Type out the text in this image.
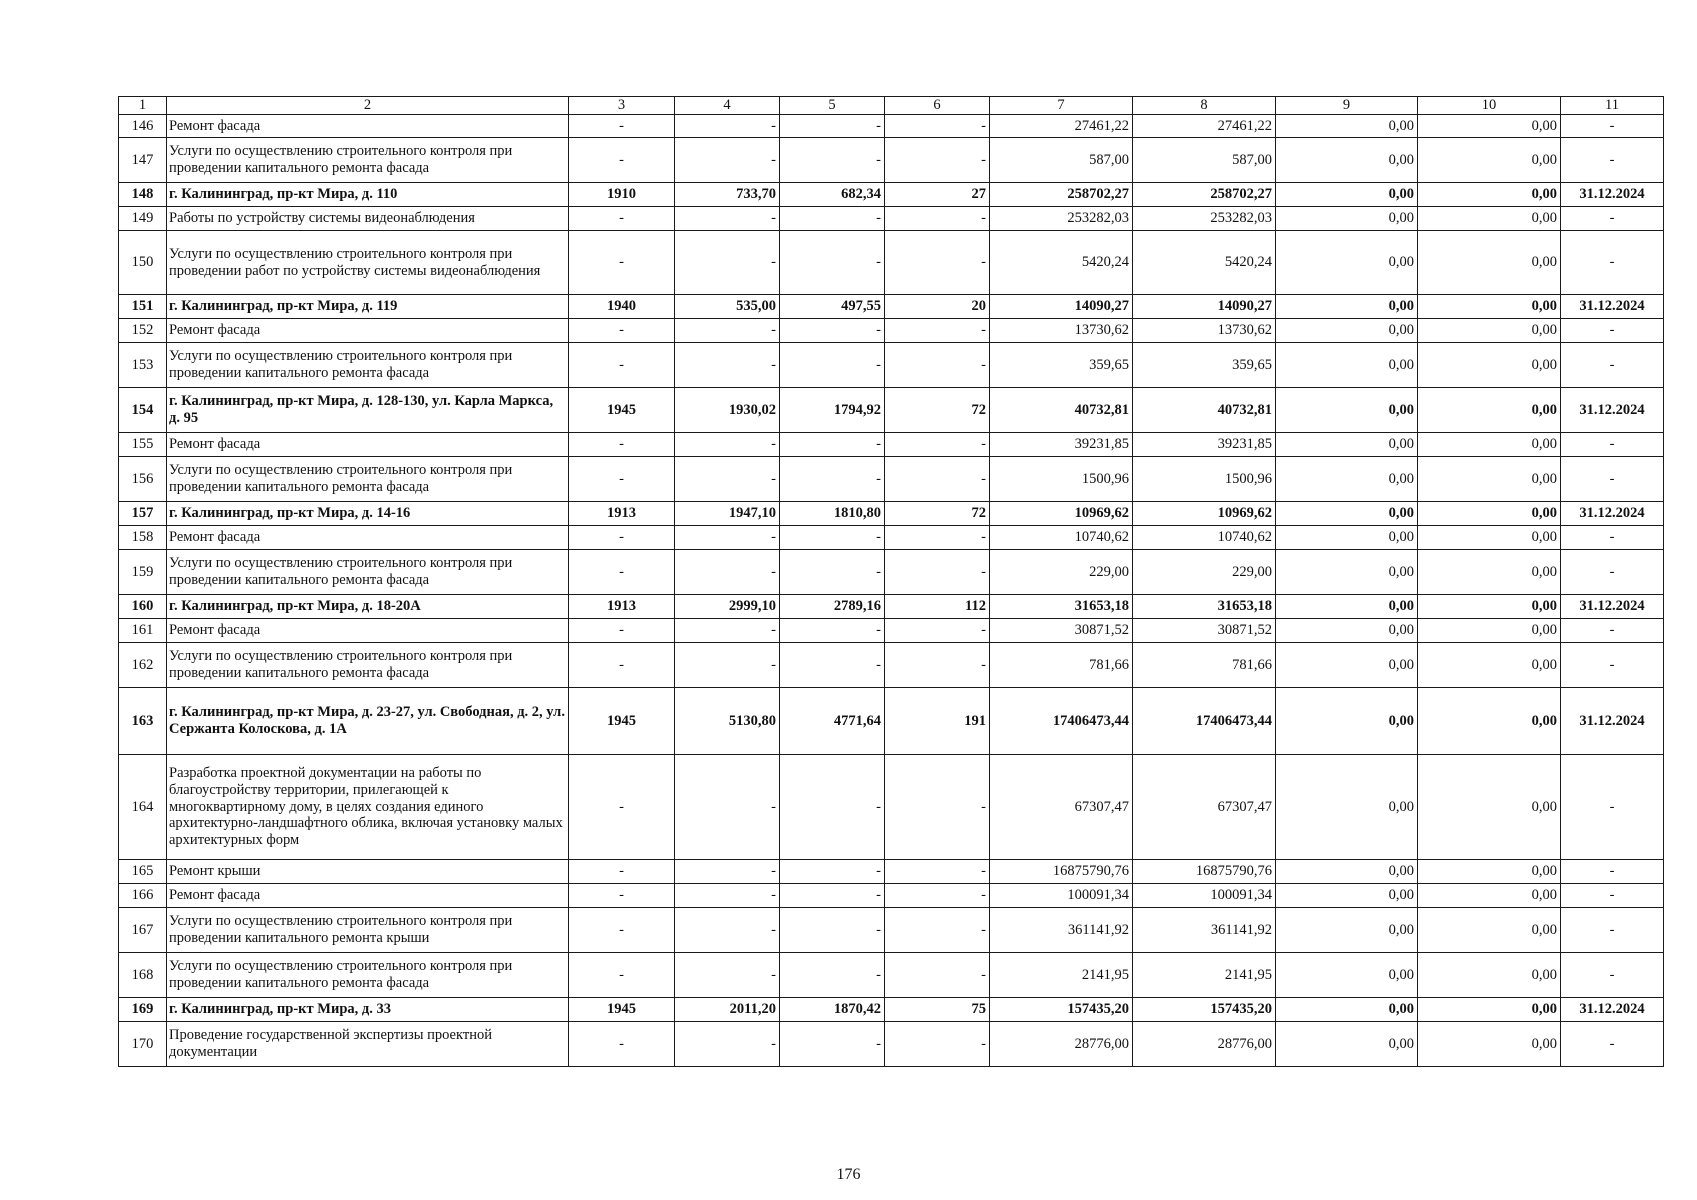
1	2	3	4	5	6	7	8	9	10	11
146	Ремонт фасада	-	-	-	-	27461,22	27461,22	0,00	0,00	-
147	Услуги по осуществлению строительного контроля при проведении капитального ремонта фасада	-	-	-	-	587,00	587,00	0,00	0,00	-
148	г. Калининград, пр-кт Мира, д. 110	1910	733,70	682,34	27	258702,27	258702,27	0,00	0,00	31.12.2024
149	Работы по устройству системы видеонаблюдения	-	-	-	-	253282,03	253282,03	0,00	0,00	-
150	Услуги по осуществлению строительного контроля при проведении работ по устройству системы видеонаблюдения	-	-	-	-	5420,24	5420,24	0,00	0,00	-
151	г. Калининград, пр-кт Мира, д. 119	1940	535,00	497,55	20	14090,27	14090,27	0,00	0,00	31.12.2024
152	Ремонт фасада	-	-	-	-	13730,62	13730,62	0,00	0,00	-
153	Услуги по осуществлению строительного контроля при проведении капитального ремонта фасада	-	-	-	-	359,65	359,65	0,00	0,00	-
154	г. Калининград, пр-кт Мира, д. 128-130, ул. Карла Маркса, д. 95	1945	1930,02	1794,92	72	40732,81	40732,81	0,00	0,00	31.12.2024
155	Ремонт фасада	-	-	-	-	39231,85	39231,85	0,00	0,00	-
156	Услуги по осуществлению строительного контроля при проведении капитального ремонта фасада	-	-	-	-	1500,96	1500,96	0,00	0,00	-
157	г. Калининград, пр-кт Мира, д. 14-16	1913	1947,10	1810,80	72	10969,62	10969,62	0,00	0,00	31.12.2024
158	Ремонт фасада	-	-	-	-	10740,62	10740,62	0,00	0,00	-
159	Услуги по осуществлению строительного контроля при проведении капитального ремонта фасада	-	-	-	-	229,00	229,00	0,00	0,00	-
160	г. Калининград, пр-кт Мира, д. 18-20А	1913	2999,10	2789,16	112	31653,18	31653,18	0,00	0,00	31.12.2024
161	Ремонт фасада	-	-	-	-	30871,52	30871,52	0,00	0,00	-
162	Услуги по осуществлению строительного контроля при проведении капитального ремонта фасада	-	-	-	-	781,66	781,66	0,00	0,00	-
163	г. Калининград, пр-кт Мира, д. 23-27, ул. Свободная, д. 2, ул. Сержанта Колоскова, д. 1А	1945	5130,80	4771,64	191	17406473,44	17406473,44	0,00	0,00	31.12.2024
164	Разработка проектной документации на работы по благоустройству территории, прилегающей к многоквартирному дому, в целях создания единого архитектурно-ландшафтного облика, включая установку малых архитектурных форм	-	-	-	-	67307,47	67307,47	0,00	0,00	-
165	Ремонт крыши	-	-	-	-	16875790,76	16875790,76	0,00	0,00	-
166	Ремонт фасада	-	-	-	-	100091,34	100091,34	0,00	0,00	-
167	Услуги по осуществлению строительного контроля при проведении капитального ремонта крыши	-	-	-	-	361141,92	361141,92	0,00	0,00	-
168	Услуги по осуществлению строительного контроля при проведении капитального ремонта фасада	-	-	-	-	2141,95	2141,95	0,00	0,00	-
169	г. Калининград, пр-кт Мира, д. 33	1945	2011,20	1870,42	75	157435,20	157435,20	0,00	0,00	31.12.2024
170	Проведение государственной экспертизы проектной документации	-	-	-	-	28776,00	28776,00	0,00	0,00	-
176
